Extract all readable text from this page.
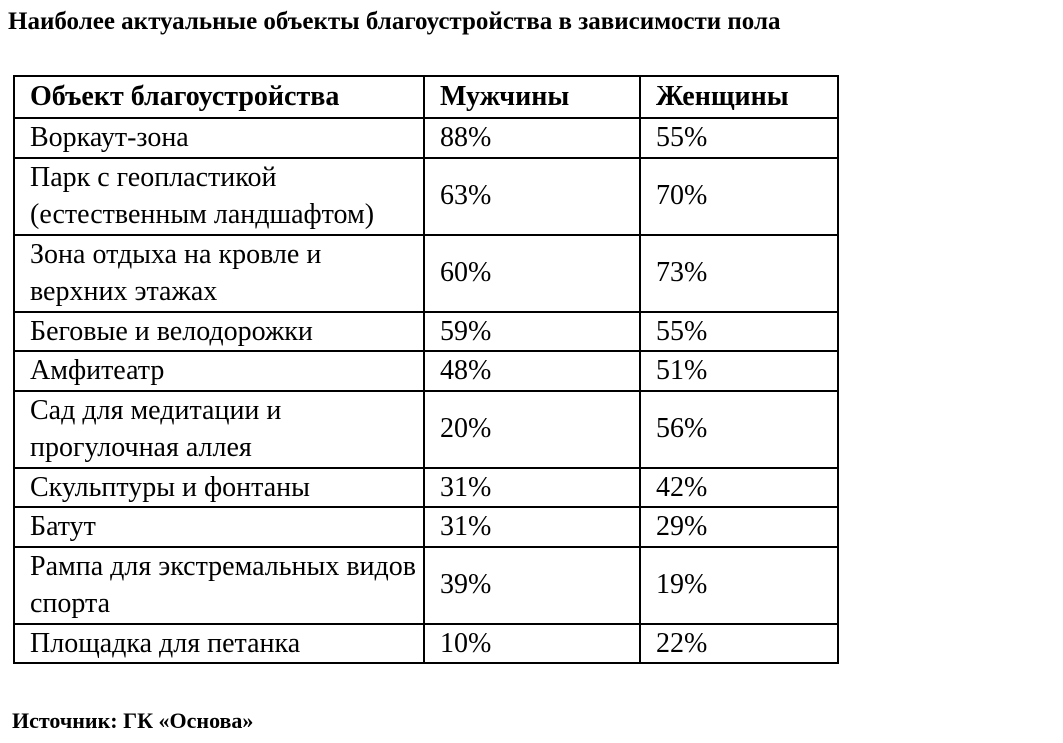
Наиболее актуальные объекты благоустройства в зависимости пола
Объект благоустройства	Мужчины	Женщины
Воркаут-зона	88%	55%
Парк с геопластикой (естественным ландшафтом)	63%	70%
Зона отдыха на кровле и верхних этажах	60%	73%
Беговые и велодорожки	59%	55%
Амфитеатр	48%	51%
Сад для медитации и прогулочная аллея	20%	56%
Скульптуры и фонтаны	31%	42%
Батут	31%	29%
Рампа для экстремальных видов спорта	39%	19%
Площадка для петанка	10%	22%
Источник: ГК «Основа»
